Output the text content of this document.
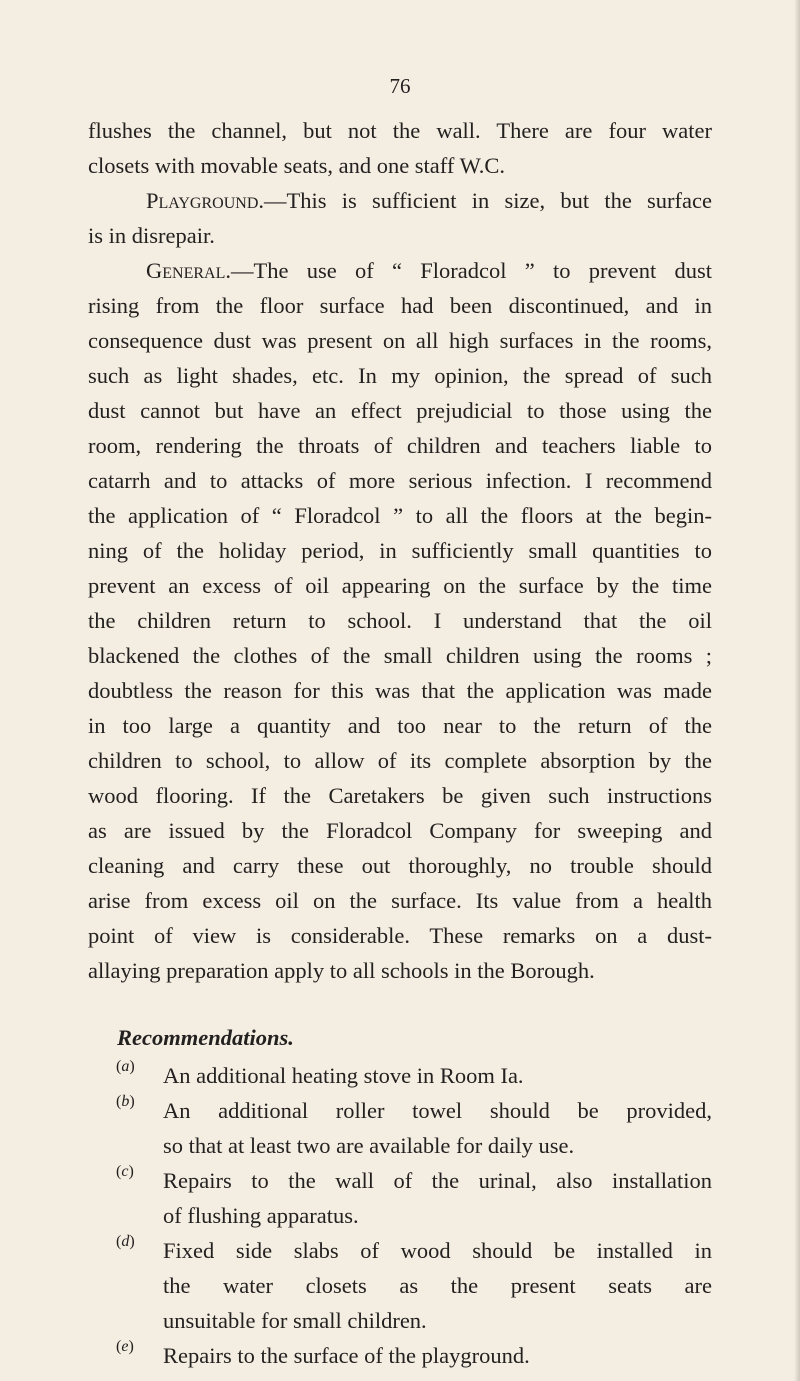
76
flushes the channel, but not the wall. There are four water
closets with movable seats, and one staff W.C.
Playground.—This is sufficient in size, but the surface
is in disrepair.
General.—The use of “ Floradcol ” to prevent dust
rising from the floor surface had been discontinued, and in
consequence dust was present on all high surfaces in the rooms,
such as light shades, etc. In my opinion, the spread of such
dust cannot but have an effect prejudicial to those using the
room, rendering the throats of children and teachers liable to
catarrh and to attacks of more serious infection. I recommend
the application of “ Floradcol ” to all the floors at the begin-
ning of the holiday period, in sufficiently small quantities to
prevent an excess of oil appearing on the surface by the time
the children return to school. I understand that the oil
blackened the clothes of the small children using the rooms ;
doubtless the reason for this was that the application was made
in too large a quantity and too near to the return of the
children to school, to allow of its complete absorption by the
wood flooring. If the Caretakers be given such instructions
as are issued by the Floradcol Company for sweeping and
cleaning and carry these out thoroughly, no trouble should
arise from excess oil on the surface. Its value from a health
point of view is considerable. These remarks on a dust-
allaying preparation apply to all schools in the Borough.
Recommendations.
(a) An additional heating stove in Room Ia.
(b) An additional roller towel should be provided,
so that at least two are available for daily use.
(c) Repairs to the wall of the urinal, also installation
of flushing apparatus.
(d) Fixed side slabs of wood should be installed in
the water closets as the present seats are
unsuitable for small children.
(e) Repairs to the surface of the playground.
